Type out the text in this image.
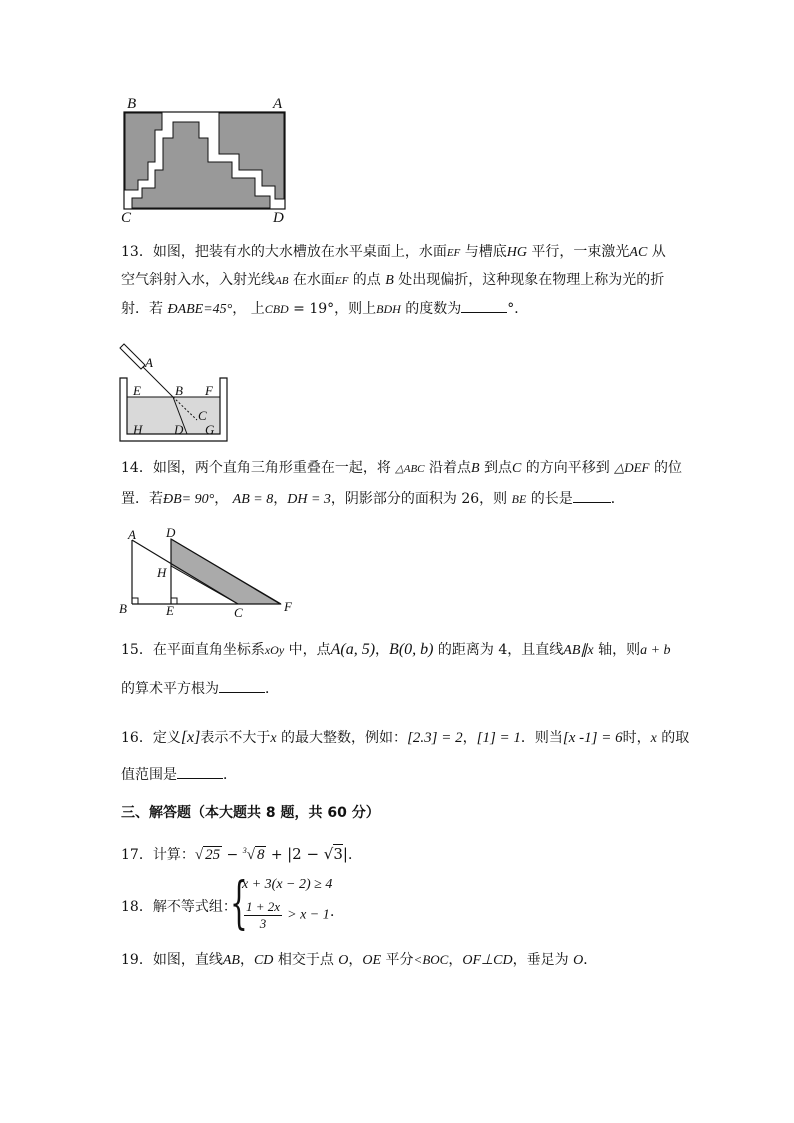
B	A
C	D
13．如图，把装有水的大水槽放在水平桌面上，水面EF 与槽底HG 平行，一束激光AC 从
空气斜射入水，入射光线AB 在水面EF 的点 B 处出现偏折，这种现象在物理上称为光的折
射．若 ÐABE=45°， 上CBD = 19°，则上BDH 的度数为	°．
A
E	B F
C
H D G
14．如图，两个直角三角形重叠在一起，将 △ABC 沿着点B 到点C 的方向平移到 △DEF 的位
置．若ÐB= 90°， AB = 8，DH = 3，阴影部分的面积为 26，则 BE 的长是	．
A D
H
B	E	C	F
15．在平面直角坐标系xOy 中，点A(a, 5)，B(0, b) 的距离为 4，且直线AB∥x 轴，则a + b
的算术平方根为	．
16．定义[x]表示不大于x 的最大整数，例如：[2.3] = 2，[1] = 1．则当[x -1] = 6时，x 的取
值范围是	．
三、解答题（本大题共 8 题，共 60 分）
17．计算：√ 25 − $^3$√ 8 + |2 − √3|．
18．解不等式组：
{
x + 3(x − 2) ≥ 4
$\frac{1 + 2x}{3} > x - 1$ ．
19．如图，直线AB，CD 相交于点 O，OE 平分<BOC，OF⊥CD，垂足为 O．
